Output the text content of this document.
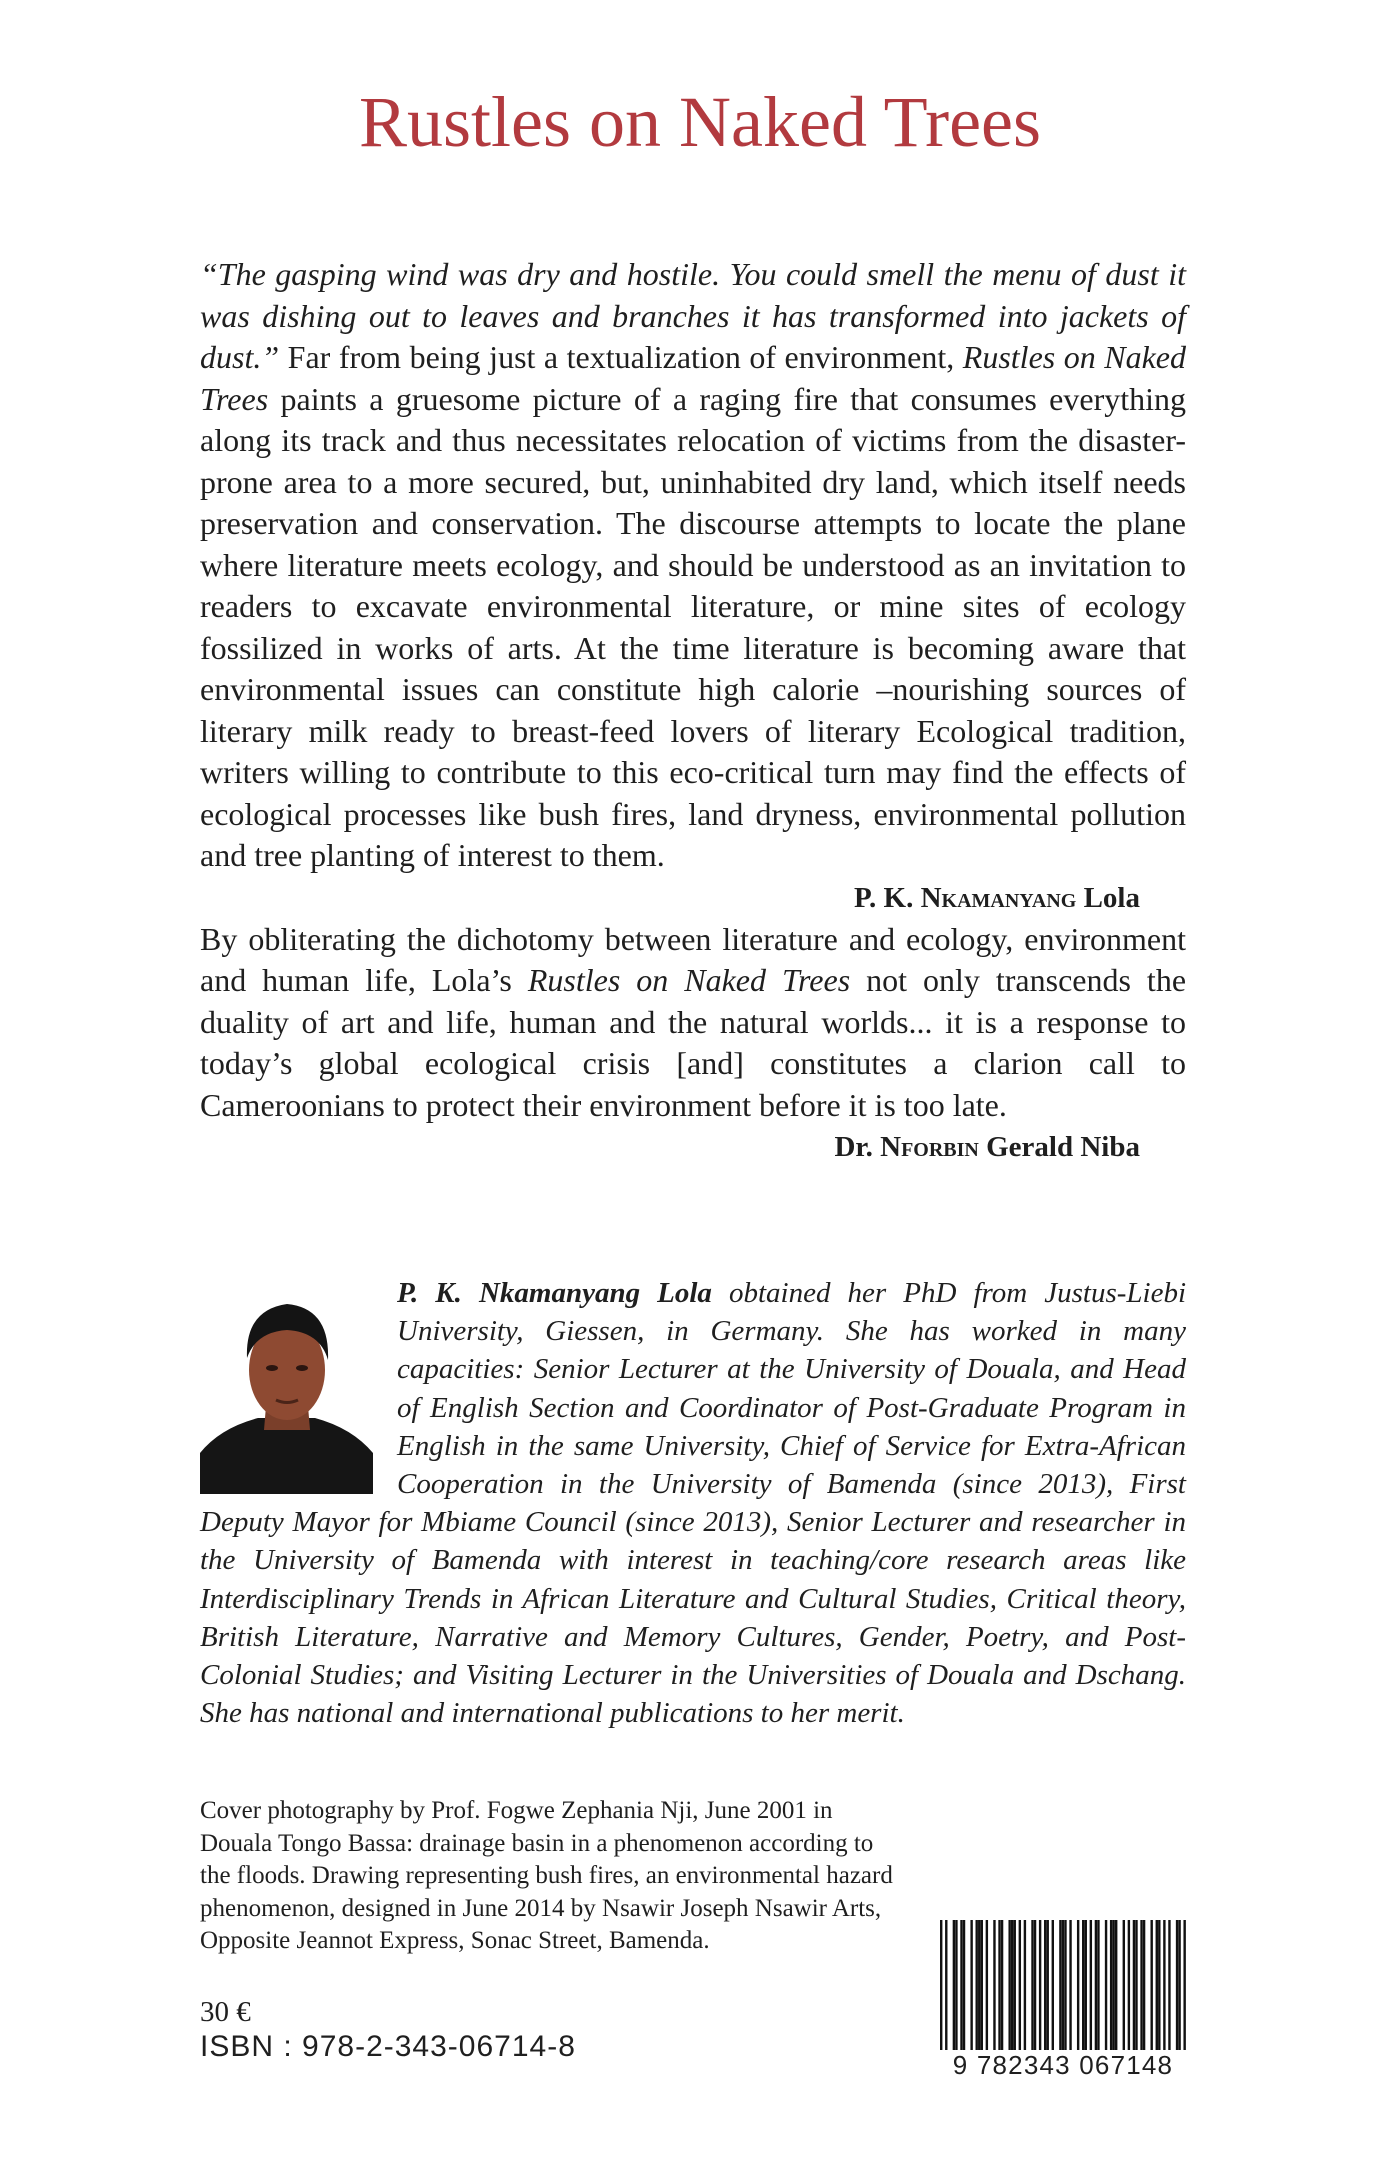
Rustles on Naked Trees

“The gasping wind was dry and hostile. You could smell the menu of dust it was dishing out to leaves and branches it has transformed into jackets of dust.” Far from being just a textualization of environment, Rustles on Naked Trees paints a gruesome picture of a raging fire that consumes everything along its track and thus necessitates relocation of victims from the disaster-prone area to a more secured, but, uninhabited dry land, which itself needs preservation and conservation. The discourse attempts to locate the plane where literature meets ecology, and should be understood as an invitation to readers to excavate environmental literature, or mine sites of ecology fossilized in works of arts. At the time literature is becoming aware that environmental issues can constitute high calorie –nourishing sources of literary milk ready to breast-feed lovers of literary Ecological tradition, writers willing to contribute to this eco-critical turn may find the effects of ecological processes like bush fires, land dryness, environmental pollution and tree planting of interest to them.

P. K. Nkamanyang Lola

By obliterating the dichotomy between literature and ecology, environment and human life, Lola’s Rustles on Naked Trees not only transcends the duality of art and life, human and the natural worlds... it is a response to today’s global ecological crisis [and] constitutes a clarion call to Cameroonians to protect their environment before it is too late.

Dr. Nforbin Gerald Niba
P. K. Nkamanyang Lola obtained her PhD from Justus-Liebi University, Giessen, in Germany. She has worked in many capacities: Senior Lecturer at the University of Douala, and Head of English Section and Coordinator of Post-Graduate Program in English in the same University, Chief of Service for Extra-African Cooperation in the University of Bamenda (since 2013), First Deputy Mayor for Mbiame Council (since 2013), Senior Lecturer and researcher in the University of Bamenda with interest in teaching/core research areas like Interdisciplinary Trends in African Literature and Cultural Studies, Critical theory, British Literature, Narrative and Memory Cultures, Gender, Poetry, and Post-Colonial Studies; and Visiting Lecturer in the Universities of Douala and Dschang. She has national and international publications to her merit.
Cover photography by Prof. Fogwe Zephania Nji, June 2001 in Douala Tongo Bassa: drainage basin in a phenomenon according to the floods. Drawing representing bush fires, an environmental hazard phenomenon, designed in June 2014 by Nsawir Joseph Nsawir Arts, Opposite Jeannot Express, Sonac Street, Bamenda.
30 €
ISBN : 978-2-343-06714-8
9 782343 067148
